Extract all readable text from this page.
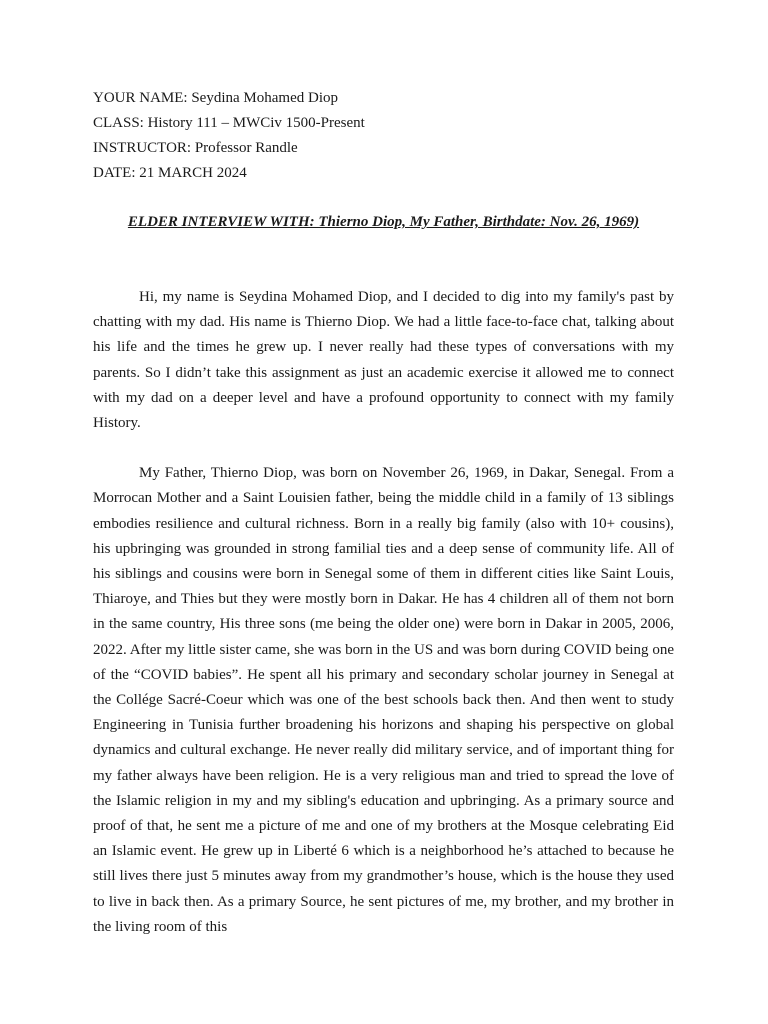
YOUR NAME: Seydina Mohamed Diop
CLASS: History 111 – MWCiv 1500-Present
INSTRUCTOR: Professor Randle
DATE: 21 MARCH 2024
ELDER INTERVIEW WITH: Thierno Diop, My Father, Birthdate: Nov. 26, 1969)

Hi, my name is Seydina Mohamed Diop, and I decided to dig into my family's past by chatting with my dad. His name is Thierno Diop. We had a little face-to-face chat, talking about his life and the times he grew up. I never really had these types of conversations with my parents. So I didn’t take this assignment as just an academic exercise it allowed me to connect with my dad on a deeper level and have a profound opportunity to connect with my family History.

My Father, Thierno Diop, was born on November 26, 1969, in Dakar, Senegal. From a Morrocan Mother and a Saint Louisien father, being the middle child in a family of 13 siblings embodies resilience and cultural richness. Born in a really big family (also with 10+ cousins), his upbringing was grounded in strong familial ties and a deep sense of community life. All of his siblings and cousins were born in Senegal some of them in different cities like Saint Louis, Thiaroye, and Thies but they were mostly born in Dakar. He has 4 children all of them not born in the same country, His three sons (me being the older one) were born in Dakar in 2005, 2006, 2022. After my little sister came, she was born in the US and was born during COVID being one of the “COVID babies”. He spent all his primary and secondary scholar journey in Senegal at the Collége Sacré-Coeur which was one of the best schools back then. And then went to study Engineering in Tunisia further broadening his horizons and shaping his perspective on global dynamics and cultural exchange. He never really did military service, and of important thing for my father always have been religion. He is a very religious man and tried to spread the love of the Islamic religion in my and my sibling's education and upbringing. As a primary source and proof of that, he sent me a picture of me and one of my brothers at the Mosque celebrating Eid an Islamic event. He grew up in Liberté 6 which is a neighborhood he’s attached to because he still lives there just 5 minutes away from my grandmother’s house, which is the house they used to live in back then. As a primary Source, he sent pictures of me, my brother, and my brother in the living room of this
